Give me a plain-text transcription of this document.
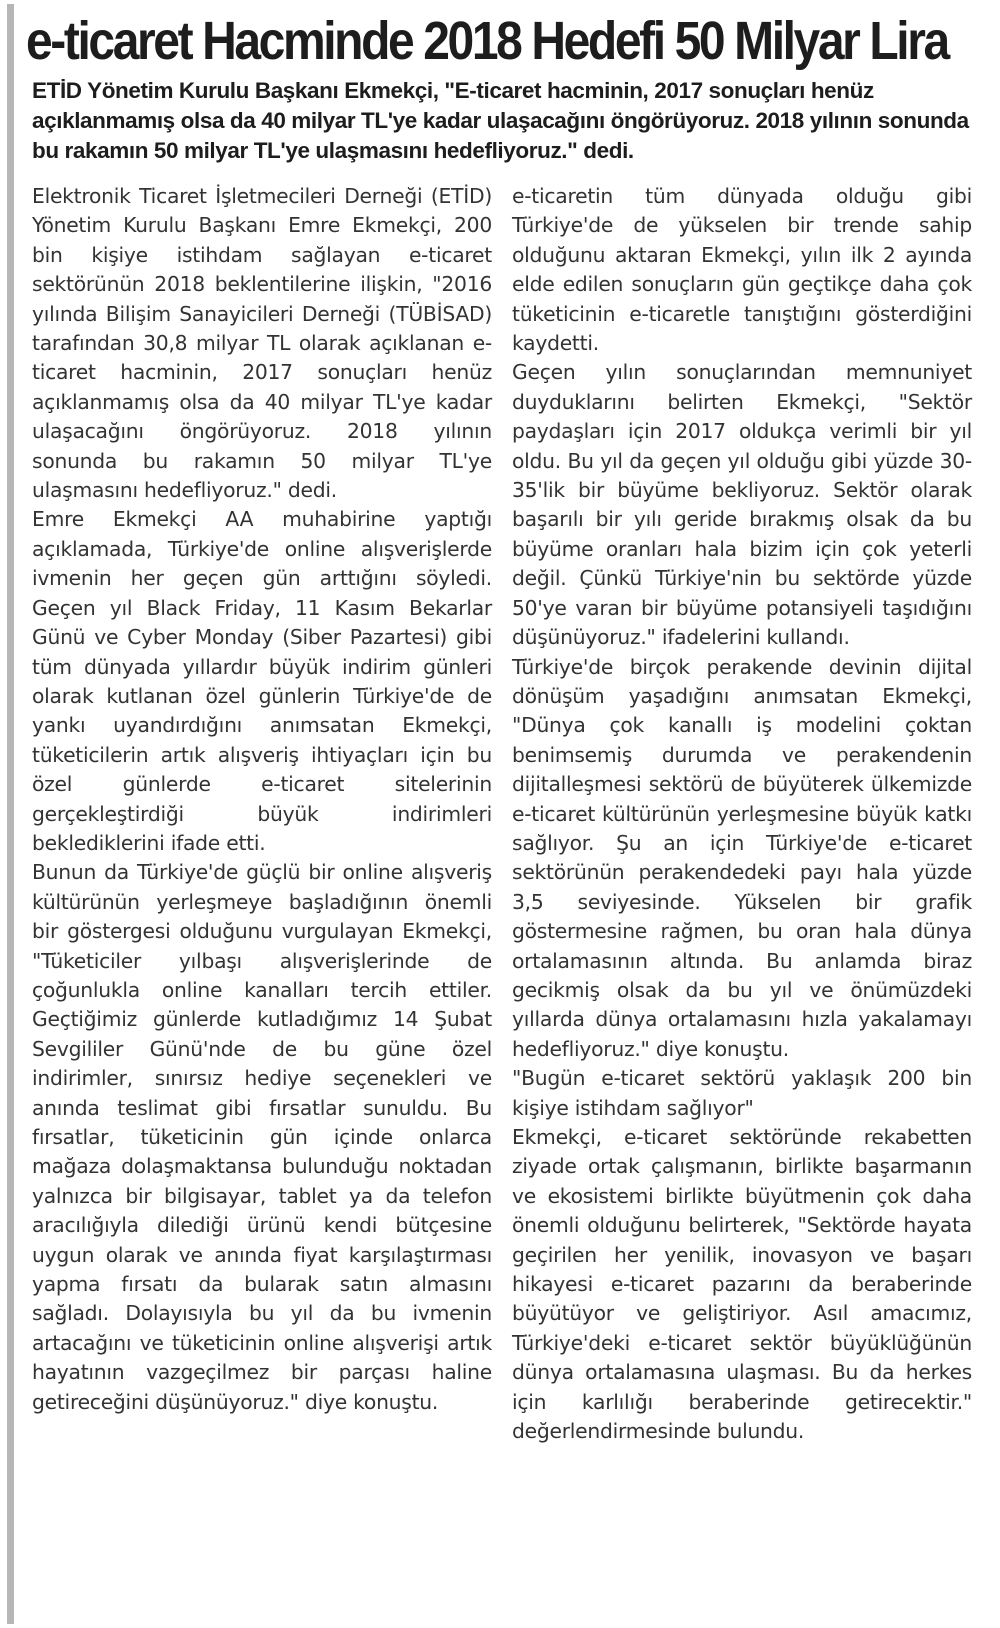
e-ticaret Hacminde 2018 Hedefi 50 Milyar Lira

ETİD Yönetim Kurulu Başkanı Ekmekçi, "E-ticaret hacminin, 2017 sonuçları henüz açıklanmamış olsa da 40 milyar TL'ye kadar ulaşacağını öngörüyoruz. 2018 yılının sonunda bu rakamın 50 milyar TL'ye ulaşmasını hedefliyoruz." dedi.

Elektronik Ticaret İşletmecileri Derneği (ETİD) Yönetim Kurulu Başkanı Emre Ekmekçi, 200 bin kişiye istihdam sağlayan e-ticaret sektörünün 2018 beklentilerine ilişkin, "2016 yılında Bilişim Sanayicileri Derneği (TÜBİSAD) tarafından 30,8 milyar TL olarak açıklanan e-ticaret hacminin, 2017 sonuçları henüz açıklanmamış olsa da 40 milyar TL'ye kadar ulaşacağını öngörüyoruz. 2018 yılının sonunda bu rakamın 50 milyar TL'ye ulaşmasını hedefliyoruz." dedi.

Emre Ekmekçi AA muhabirine yaptığı açıklamada, Türkiye'de online alışverişlerde ivmenin her geçen gün arttığını söyledi. Geçen yıl Black Friday, 11 Kasım Bekarlar Günü ve Cyber Monday (Siber Pazartesi) gibi tüm dünyada yıllardır büyük indirim günleri olarak kutlanan özel günlerin Türkiye'de de yankı uyandırdığını anımsatan Ekmekçi, tüketicilerin artık alışveriş ihtiyaçları için bu özel günlerde e-ticaret sitelerinin gerçekleştirdiği büyük indirimleri beklediklerini ifade etti.

Bunun da Türkiye'de güçlü bir online alışveriş kültürünün yerleşmeye başladığının önemli bir göstergesi olduğunu vurgulayan Ekmekçi, "Tüketiciler yılbaşı alışverişlerinde de çoğunlukla online kanalları tercih ettiler. Geçtiğimiz günlerde kutladığımız 14 Şubat Sevgililer Günü'nde de bu güne özel indirimler, sınırsız hediye seçenekleri ve anında teslimat gibi fırsatlar sunuldu. Bu fırsatlar, tüketicinin gün içinde onlarca mağaza dolaşmaktansa bulunduğu noktadan yalnızca bir bilgisayar, tablet ya da telefon aracılığıyla dilediği ürünü kendi bütçesine uygun olarak ve anında fiyat karşılaştırması yapma fırsatı da bularak satın almasını sağladı. Dolayısıyla bu yıl da bu ivmenin artacağını ve tüketicinin online alışverişi artık hayatının vazgeçilmez bir parçası haline getireceğini düşünüyoruz." diye konuştu.

e-ticaretin tüm dünyada olduğu gibi Türkiye'de de yükselen bir trende sahip olduğunu aktaran Ekmekçi, yılın ilk 2 ayında elde edilen sonuçların gün geçtikçe daha çok tüketicinin e-ticaretle tanıştığını gösterdiğini kaydetti.

Geçen yılın sonuçlarından memnuniyet duyduklarını belirten Ekmekçi, "Sektör paydaşları için 2017 oldukça verimli bir yıl oldu. Bu yıl da geçen yıl olduğu gibi yüzde 30-35'lik bir büyüme bekliyoruz. Sektör olarak başarılı bir yılı geride bırakmış olsak da bu büyüme oranları hala bizim için çok yeterli değil. Çünkü Türkiye'nin bu sektörde yüzde 50'ye varan bir büyüme potansiyeli taşıdığını düşünüyoruz." ifadelerini kullandı.

Türkiye'de birçok perakende devinin dijital dönüşüm yaşadığını anımsatan Ekmekçi, "Dünya çok kanallı iş modelini çoktan benimsemiş durumda ve perakendenin dijitalleşmesi sektörü de büyüterek ülkemizde e-ticaret kültürünün yerleşmesine büyük katkı sağlıyor. Şu an için Türkiye'de e-ticaret sektörünün perakendedeki payı hala yüzde 3,5 seviyesinde. Yükselen bir grafik göstermesine rağmen, bu oran hala dünya ortalamasının altında. Bu anlamda biraz gecikmiş olsak da bu yıl ve önümüzdeki yıllarda dünya ortalamasını hızla yakalamayı hedefliyoruz." diye konuştu.

"Bugün e-ticaret sektörü yaklaşık 200 bin kişiye istihdam sağlıyor"

Ekmekçi, e-ticaret sektöründe rekabetten ziyade ortak çalışmanın, birlikte başarmanın ve ekosistemi birlikte büyütmenin çok daha önemli olduğunu belirterek, "Sektörde hayata geçirilen her yenilik, inovasyon ve başarı hikayesi e-ticaret pazarını da beraberinde büyütüyor ve geliştiriyor. Asıl amacımız, Türkiye'deki e-ticaret sektör büyüklüğünün dünya ortalamasına ulaşması. Bu da herkes için karlılığı beraberinde getirecektir." değerlendirmesinde bulundu.
